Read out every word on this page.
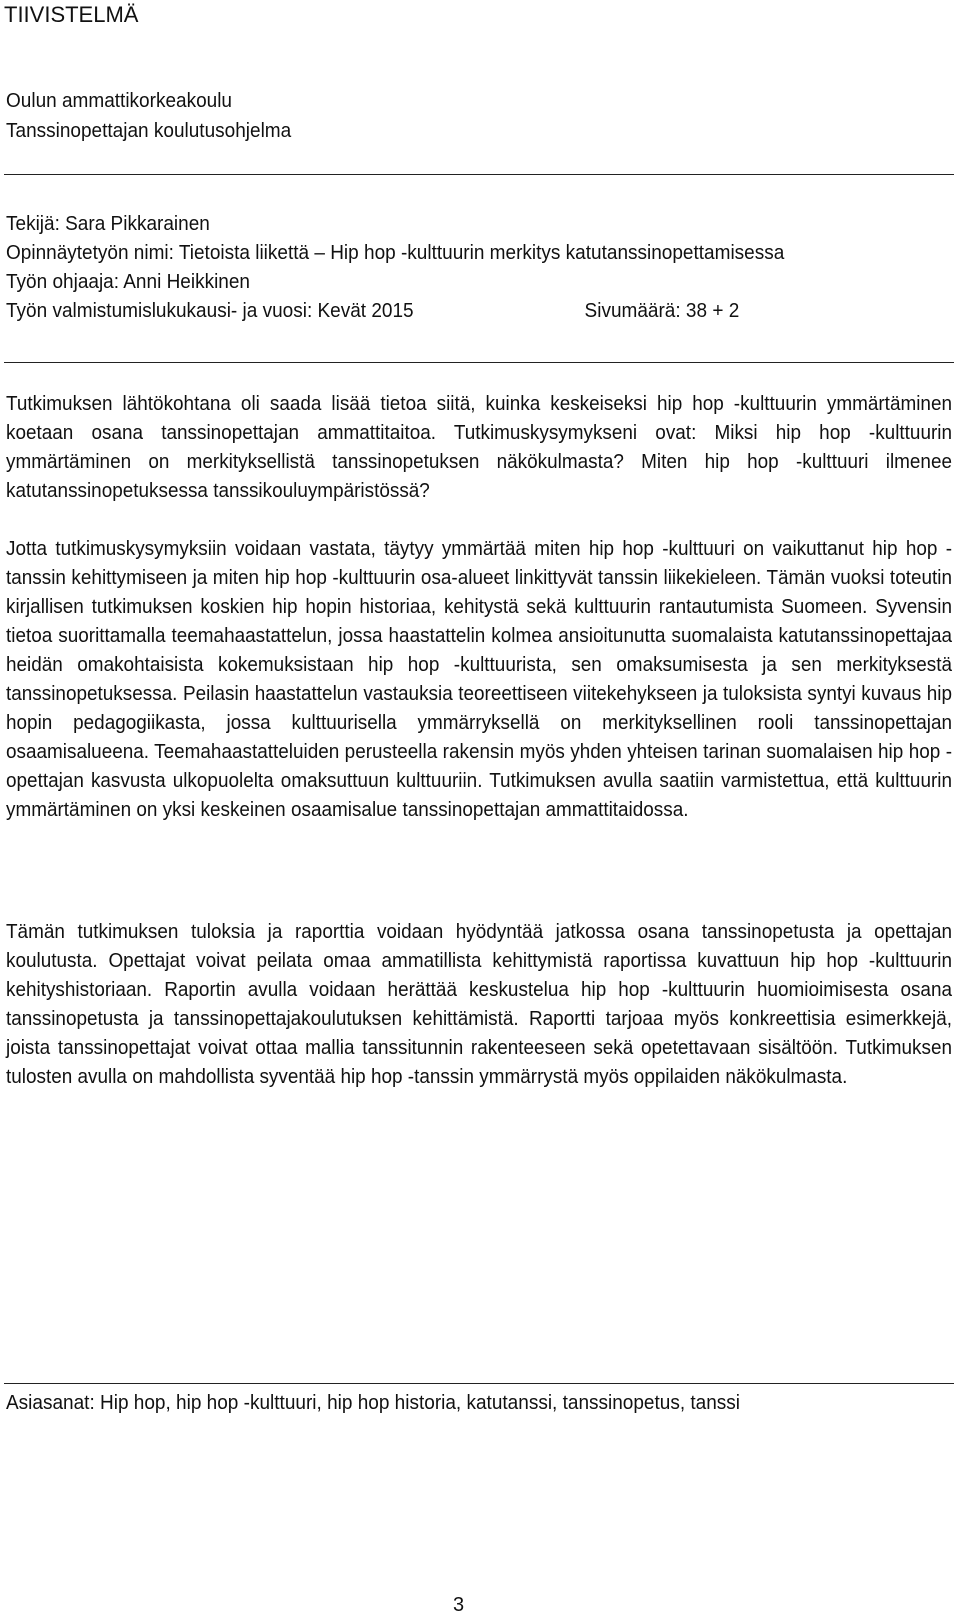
TIIVISTELMÄ
Oulun ammattikorkeakoulu
Tanssinopettajan koulutusohjelma
Tekijä: Sara Pikkarainen
Opinnäytetyön nimi: Tietoista liikettä – Hip hop -kulttuurin merkitys katutanssinopettamisessa
Työn ohjaaja: Anni Heikkinen
Työn valmistumislukukausi- ja vuosi: Kevät 2015	Sivumäärä: 38 + 2

Tutkimuksen lähtökohtana oli saada lisää tietoa siitä, kuinka keskeiseksi hip hop -kulttuurin ymmärtäminen koetaan osana tanssinopettajan ammattitaitoa. Tutkimuskysymykseni ovat: Miksi hip hop -kulttuurin ymmärtäminen on merkityksellistä tanssinopetuksen näkökulmasta? Miten hip hop -kulttuuri ilmenee katutanssinopetuksessa tanssikouluympäristössä?

Jotta tutkimuskysymyksiin voidaan vastata, täytyy ymmärtää miten hip hop -kulttuuri on vaikuttanut hip hop -tanssin kehittymiseen ja miten hip hop -kulttuurin osa-alueet linkittyvät tanssin liikekieleen. Tämän vuoksi toteutin kirjallisen tutkimuksen koskien hip hopin historiaa, kehitystä sekä kulttuurin rantautumista Suomeen. Syvensin tietoa suorittamalla teemahaastattelun, jossa haastattelin kolmea ansioitunutta suomalaista katutanssinopettajaa heidän omakohtaisista kokemuksistaan hip hop -kulttuurista, sen omaksumisesta ja sen merkityksestä tanssinopetuksessa. Peilasin haastattelun vastauksia teoreettiseen viitekehykseen ja tuloksista syntyi kuvaus hip hopin pedagogiikasta, jossa kulttuurisella ymmärryksellä on merkityksellinen rooli tanssinopettajan osaamisalueena. Teemahaastatteluiden perusteella rakensin myös yhden yhteisen tarinan suomalaisen hip hop -opettajan kasvusta ulkopuolelta omaksuttuun kulttuuriin. Tutkimuksen avulla saatiin varmistettua, että kulttuurin ymmärtäminen on yksi keskeinen osaamisalue tanssinopettajan ammattitaidossa.

Tämän tutkimuksen tuloksia ja raporttia voidaan hyödyntää jatkossa osana tanssinopetusta ja opettajan koulutusta. Opettajat voivat peilata omaa ammatillista kehittymistä raportissa kuvattuun hip hop -kulttuurin kehityshistoriaan. Raportin avulla voidaan herättää keskustelua hip hop -kulttuurin huomioimisesta osana tanssinopetusta ja tanssinopettajakoulutuksen kehittämistä. Raportti tarjoaa myös konkreettisia esimerkkejä, joista tanssinopettajat voivat ottaa mallia tanssitunnin rakenteeseen sekä opetettavaan sisältöön. Tutkimuksen tulosten avulla on mahdollista syventää hip hop -tanssin ymmärrystä myös oppilaiden näkökulmasta.

Asiasanat: Hip hop, hip hop -kulttuuri, hip hop historia, katutanssi, tanssinopetus, tanssi
3
